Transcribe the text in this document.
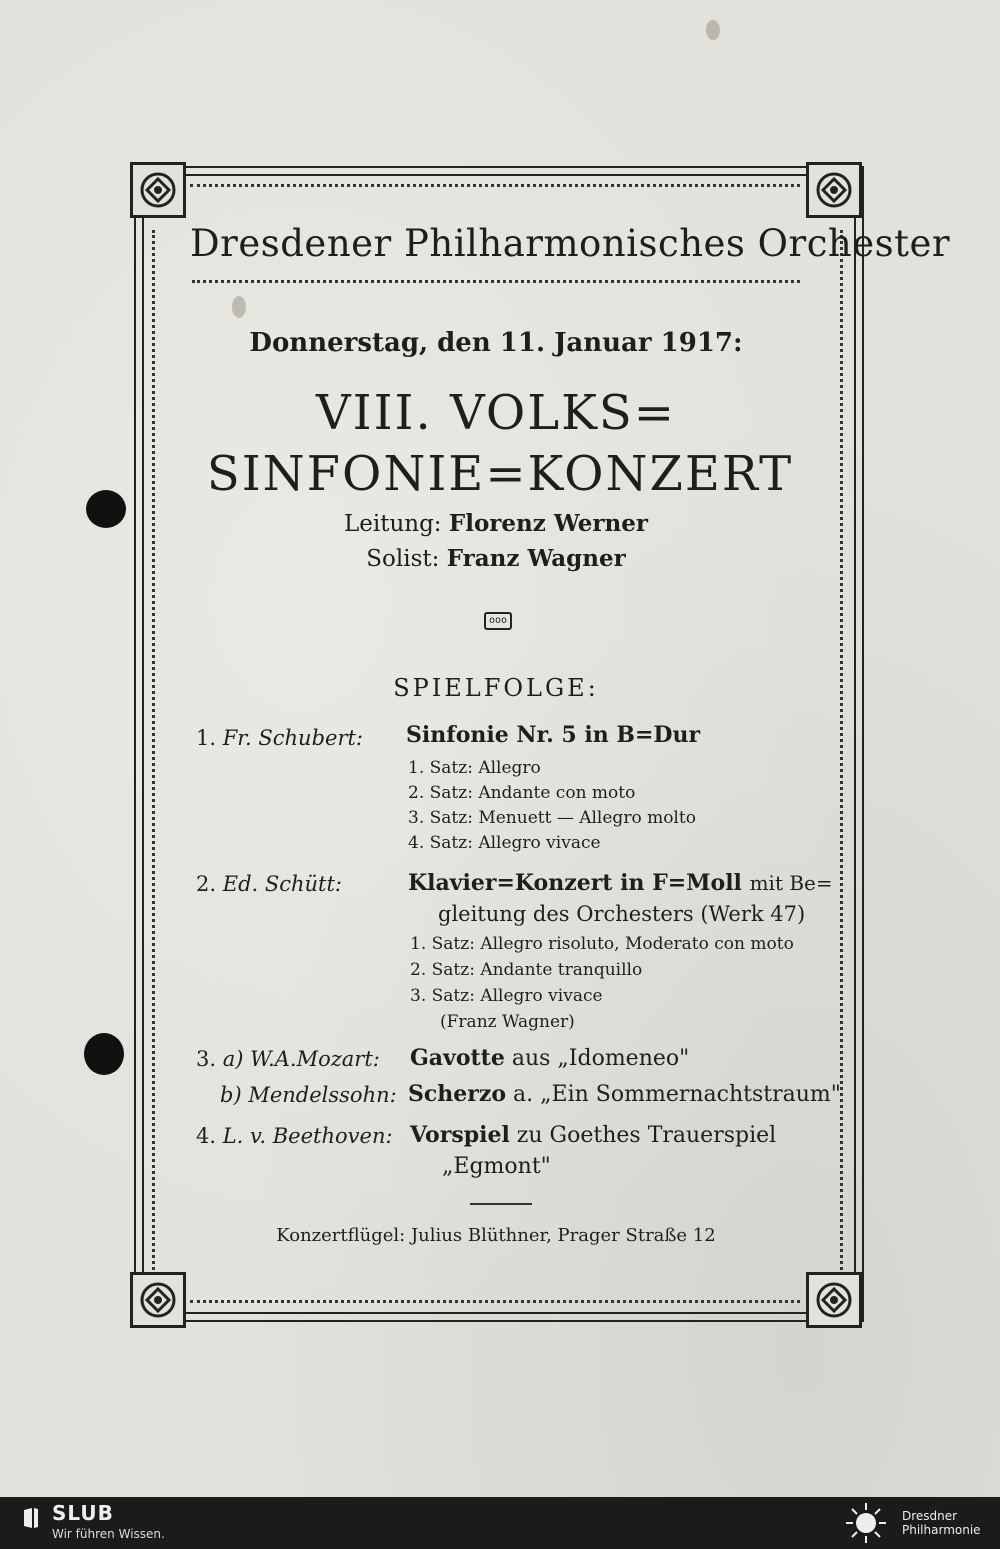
Dresdener Philharmonisches Orchester
Donnerstag, den 11. Januar 1917:
VIII. VOLKS=
SINFONIE=KONZERT
Leitung: Florenz Werner
Solist: Franz Wagner
ooo
SPIELFOLGE:
1. Fr. Schubert: Sinfonie Nr. 5 in B=Dur
1. Satz: Allegro
2. Satz: Andante con moto
3. Satz: Menuett — Allegro molto
4. Satz: Allegro vivace
2. Ed. Schütt:	Klavier=Konzert in F=Moll mit Be=
gleitung des Orchesters (Werk 47)
1. Satz: Allegro risoluto, Moderato con moto
2. Satz: Andante tranquillo
3. Satz: Allegro vivace
(Franz Wagner)
3. a) W.A.Mozart: Gavotte aus „Idomeneo"
b) Mendelssohn: Scherzo a. „Ein Sommernachtstraum"
4. L. v. Beethoven: Vorspiel zu Goethes Trauerspiel
„Egmont"
Konzertflügel: Julius Blüthner, Prager Straße 12
SLUB
Wir führen Wissen.
Dresdner
Philharmonie
